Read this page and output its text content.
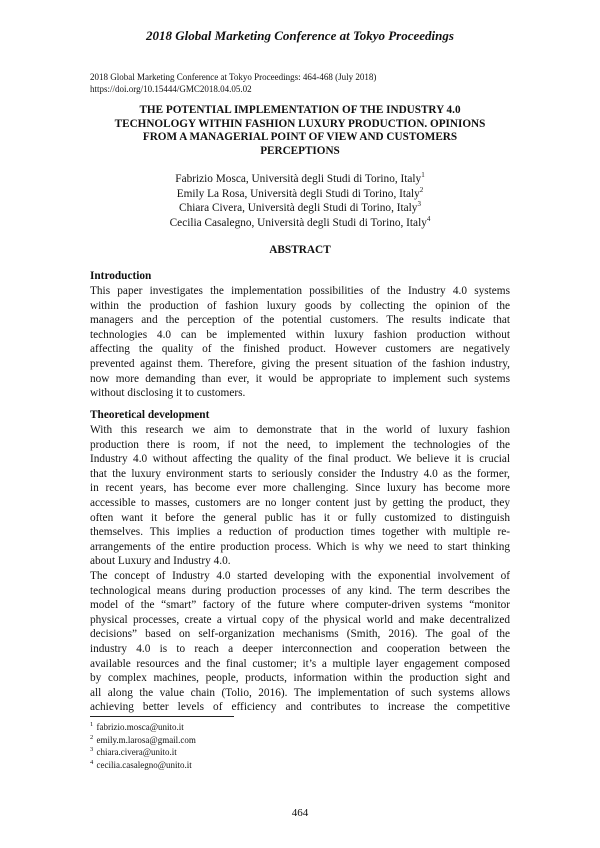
2018 Global Marketing Conference at Tokyo Proceedings
2018 Global Marketing Conference at Tokyo Proceedings: 464-468 (July 2018)
https://doi.org/10.15444/GMC2018.04.05.02
THE POTENTIAL IMPLEMENTATION OF THE INDUSTRY 4.0
TECHNOLOGY WITHIN FASHION LUXURY PRODUCTION. OPINIONS
FROM A MANAGERIAL POINT OF VIEW AND CUSTOMERS
PERCEPTIONS
Fabrizio Mosca, Università degli Studi di Torino, Italy$^1$
Emily La Rosa, Università degli Studi di Torino, Italy$^2$
Chiara Civera, Università degli Studi di Torino, Italy$^3$
Cecilia Casalegno, Università degli Studi di Torino, Italy$^4$
ABSTRACT
Introduction
This paper investigates the implementation possibilities of the Industry 4.0 systems
within the production of fashion luxury goods by collecting the opinion of the
managers and the perception of the potential customers. The results indicate that
technologies 4.0 can be implemented within luxury fashion production without
affecting the quality of the finished product. However customers are negatively
prevented against them. Therefore, giving the present situation of the fashion industry,
now more demanding than ever, it would be appropriate to implement such systems
without disclosing it to customers.
Theoretical development
With this research we aim to demonstrate that in the world of luxury fashion
production there is room, if not the need, to implement the technologies of the
Industry 4.0 without affecting the quality of the final product. We believe it is crucial
that the luxury environment starts to seriously consider the Industry 4.0 as the former,
in recent years, has become ever more challenging. Since luxury has become more
accessible to masses, customers are no longer content just by getting the product, they
often want it before the general public has it or fully customized to distinguish
themselves. This implies a reduction of production times together with multiple re-
arrangements of the entire production process. Which is why we need to start thinking
about Luxury and Industry 4.0.
The concept of Industry 4.0 started developing with the exponential involvement of
technological means during production processes of any kind. The term describes the
model of the “smart” factory of the future where computer-driven systems “monitor
physical processes, create a virtual copy of the physical world and make decentralized
decisions” based on self-organization mechanisms (Smith, 2016). The goal of the
industry 4.0 is to reach a deeper interconnection and cooperation between the
available resources and the final customer; it’s a multiple layer engagement composed
by complex machines, people, products, information within the production sight and
all along the value chain (Tolio, 2016). The implementation of such systems allows
achieving better levels of efficiency and contributes to increase the competitive
$^1$ fabrizio.mosca@unito.it
$^2$ emily.m.larosa@gmail.com
$^3$ chiara.civera@unito.it
$^4$ cecilia.casalegno@unito.it
464
